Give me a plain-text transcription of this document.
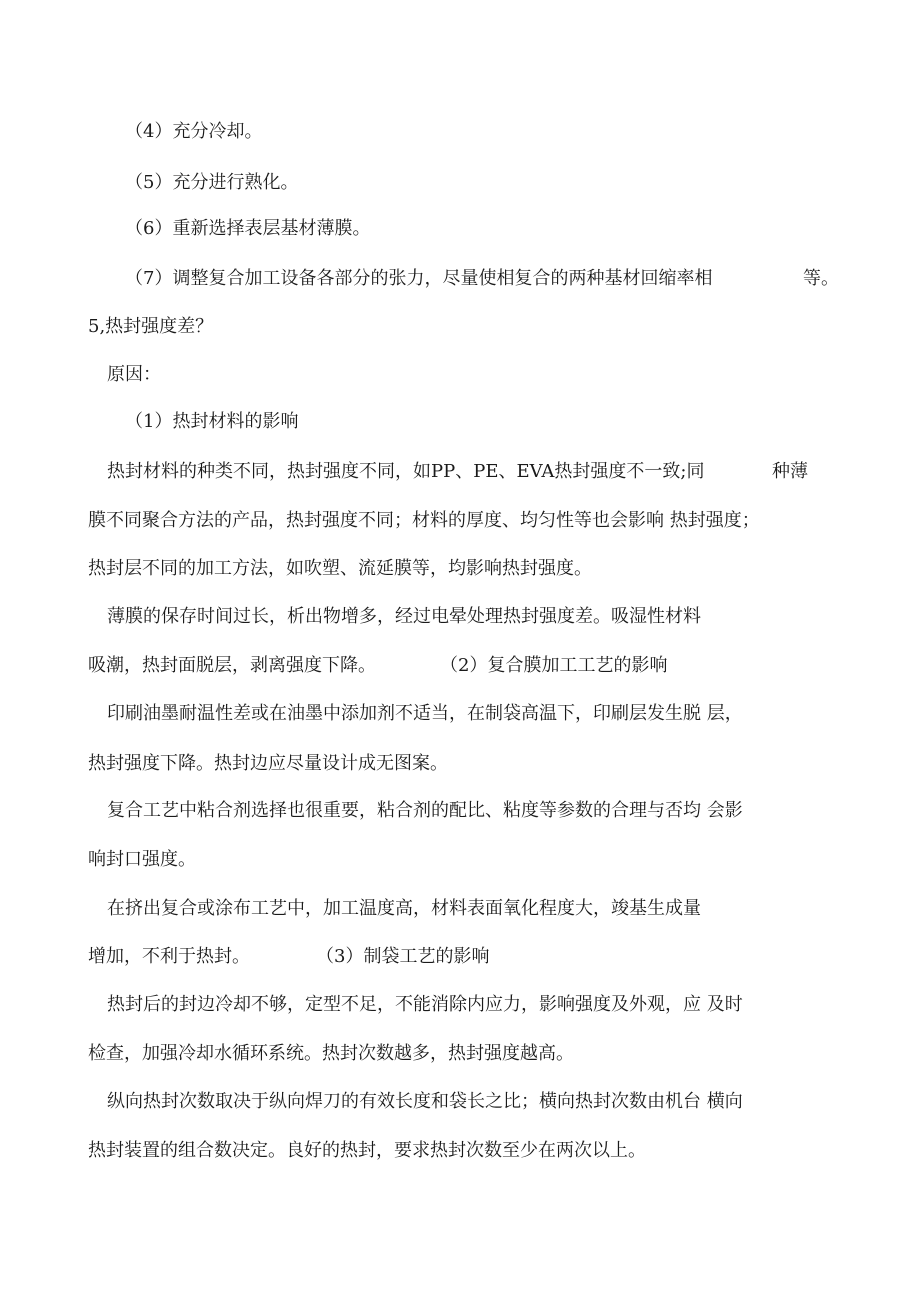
（4）充分冷却。
（5）充分进行熟化。
（6）重新选择表层基材薄膜。
（7）调整复合加工设备各部分的张力，尽量使相复合的两种基材回缩率相	等。
5,热封强度差？
原因：
（1）热封材料的影响
热封材料的种类不同，热封强度不同，如PP、PE、EVA热封强度不一致;同	种薄
膜不同聚合方法的产品，热封强度不同；材料的厚度、均匀性等也会影响 热封强度；
热封层不同的加工方法，如吹塑、流延膜等，均影响热封强度。
薄膜的保存时间过长，析出物增多，经过电晕处理热封强度差。吸湿性材料
吸潮，热封面脱层，剥离强度下降。	（2）复合膜加工工艺的影响
印刷油墨耐温性差或在油墨中添加剂不适当，在制袋高温下，印刷层发生脱 层，
热封强度下降。热封边应尽量设计成无图案。
复合工艺中粘合剂选择也很重要，粘合剂的配比、粘度等参数的合理与否均 会影
响封口强度。
在挤出复合或涂布工艺中，加工温度高，材料表面氧化程度大，竣基生成量
增加，不利于热封。	（3）制袋工艺的影响
热封后的封边冷却不够，定型不足，不能消除内应力，影响强度及外观，应 及时
检查，加强冷却水循环系统。热封次数越多，热封强度越高。
纵向热封次数取决于纵向焊刀的有效长度和袋长之比；横向热封次数由机台 横向
热封装置的组合数决定。良好的热封，要求热封次数至少在两次以上。
